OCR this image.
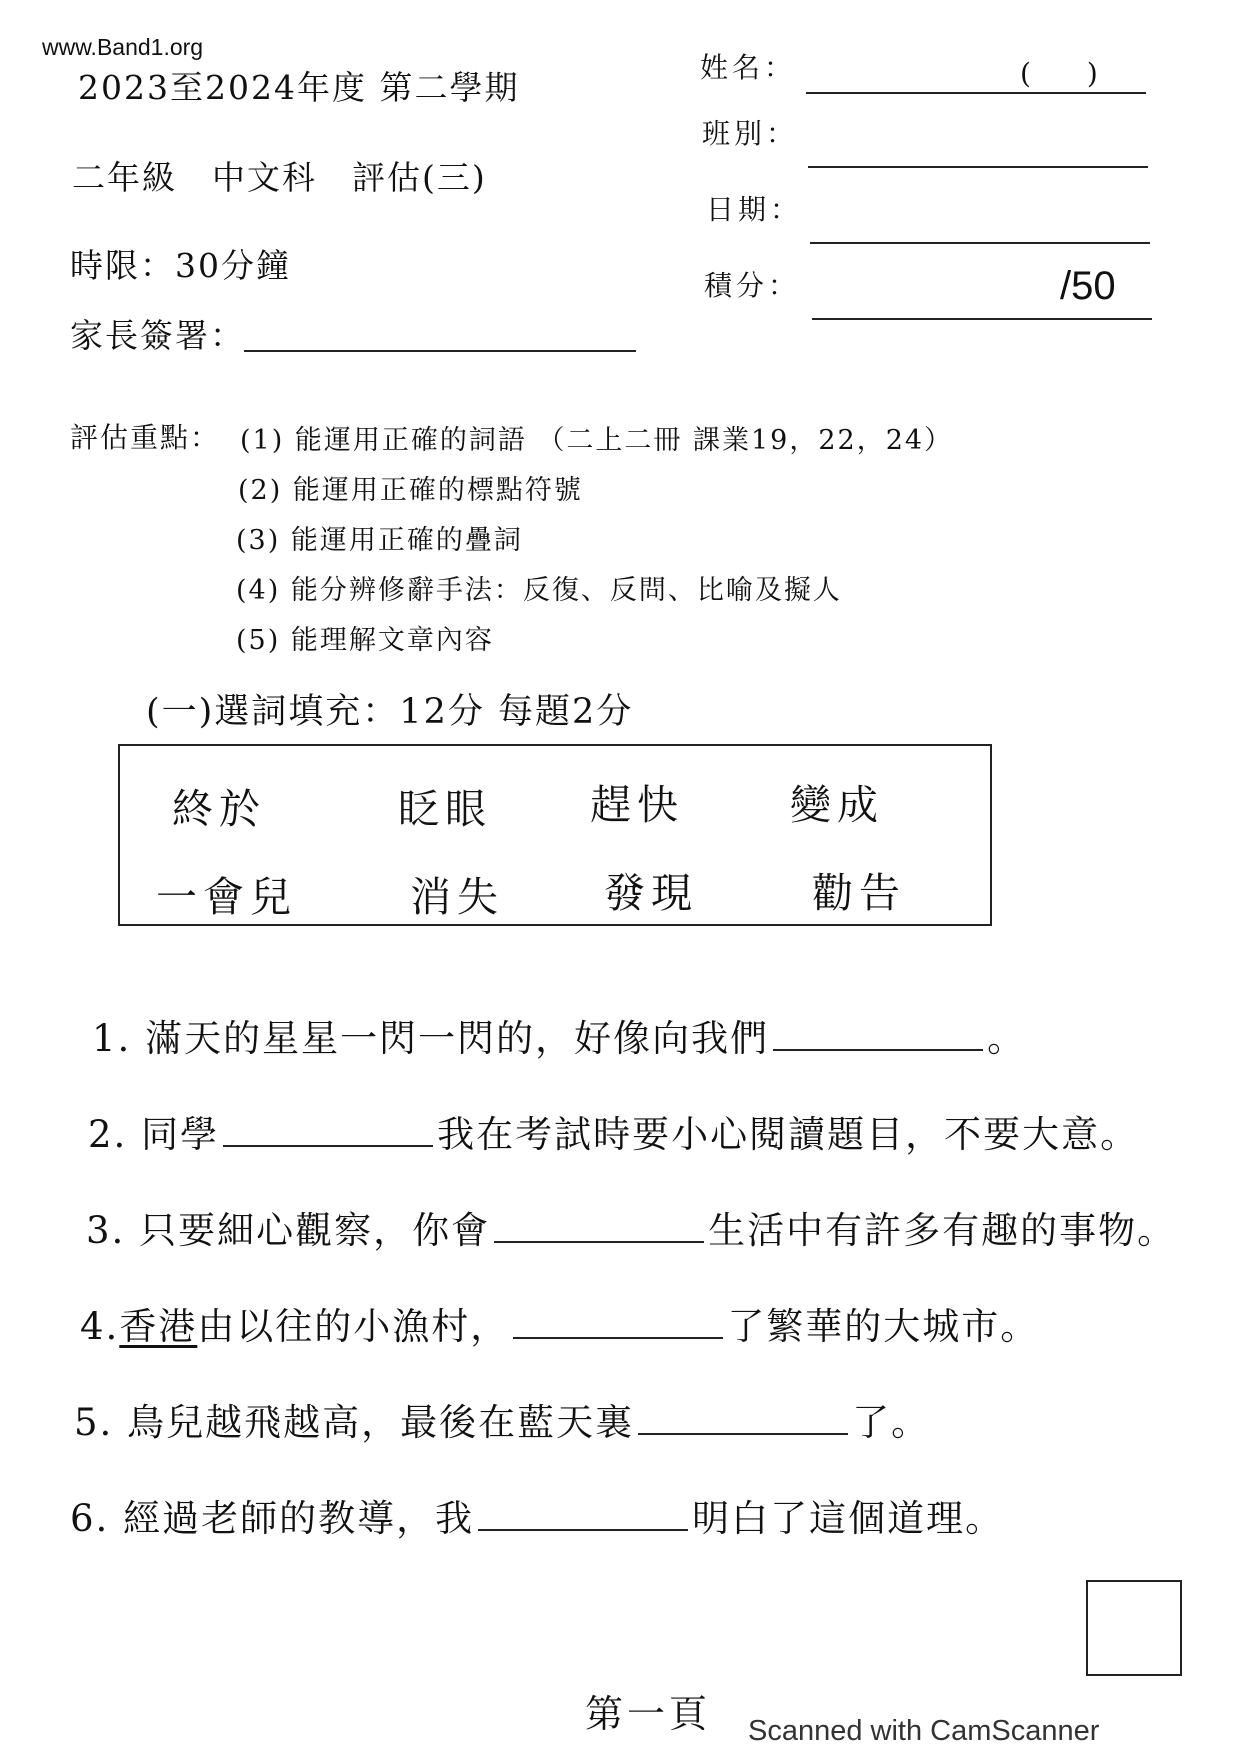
www.Band1.org
2023至2024年度 第二學期
二年級　中文科　評估(三)
時限：30分鐘
家長簽署：
姓名：	(　　)
班別：
日期：
積分：	/50
評估重點： (1) 能運用正確的詞語 （二上二冊 課業19，22，24）
(2) 能運用正確的標點符號
(3) 能運用正確的疊詞
(4) 能分辨修辭手法：反復、反問、比喻及擬人
(5) 能理解文章內容
(一)選詞填充：12分 每題2分
終於	眨眼 趕快	變成
一會兒	消失 發現	勸告
1. 滿天的星星一閃一閃的，好像向我們	。
2. 同學	我在考試時要小心閱讀題目，不要大意。
3. 只要細心觀察，你會	生活中有許多有趣的事物。
4.香港由以往的小漁村，	了繁華的大城市。
5. 鳥兒越飛越高，最後在藍天裏	了。
6. 經過老師的教導，我	明白了這個道理。
第一頁 Scanned with CamScanner
